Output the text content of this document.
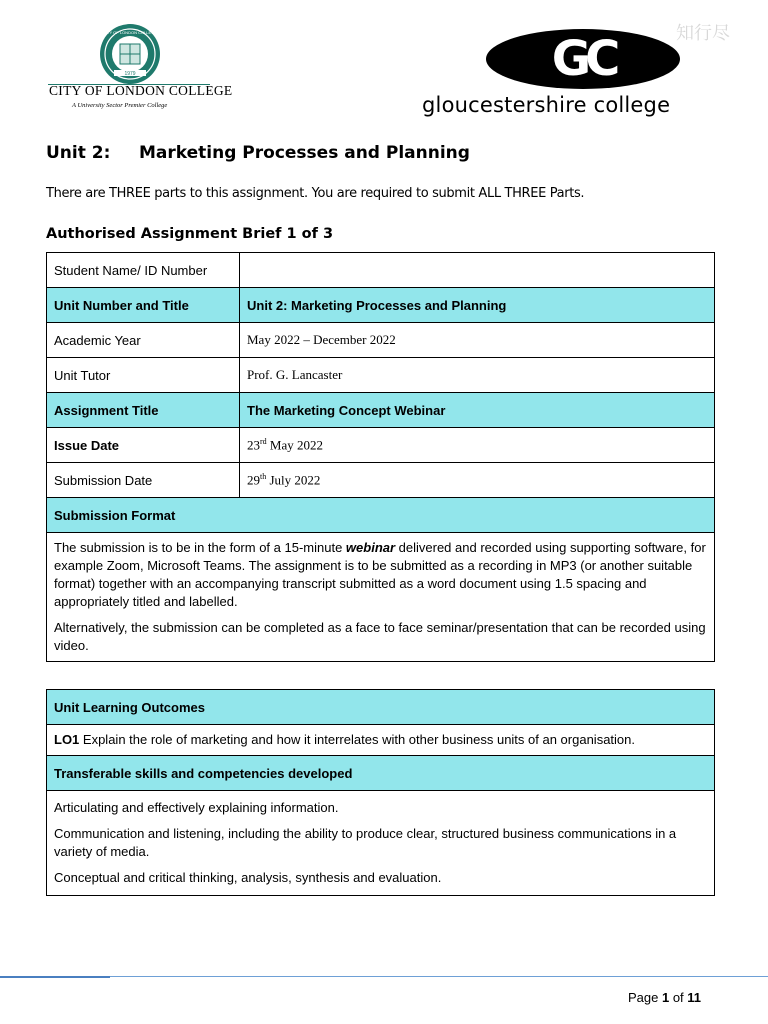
1979
CITY OF LONDON COLLEGE
CITY OF LONDON COLLEGE
A University Sector Premier College
GC
gloucestershire college
知行尽
Unit 2: Marketing Processes and Planning
There are THREE parts to this assignment. You are required to submit ALL THREE Parts.
Authorised Assignment Brief 1 of 3
Student Name/ ID Number	
Unit Number and Title	Unit 2: Marketing Processes and Planning
Academic Year	May 2022 – December 2022
Unit Tutor	Prof. G. Lancaster
Assignment Title	The Marketing Concept Webinar
Issue Date	23rd May 2022
Submission Date	29th July 2022
Submission Format	

The submission is to be in the form of a 15-minute webinar delivered and recorded using supporting software, for example Zoom, Microsoft Teams. The assignment is to be submitted as a recording in MP3 (or another suitable format) together with an accompanying transcript submitted as a word document using 1.5 spacing and appropriately titled and labelled.

Alternatively, the submission can be completed as a face to face seminar/presentation that can be recorded using video.	

Unit Learning Outcomes
LO1 Explain the role of marketing and how it interrelates with other business units of an organisation.
Transferable skills and competencies developed

Articulating and effectively explaining information.

Communication and listening, including the ability to produce clear, structured business communications in a variety of media.

Conceptual and critical thinking, analysis, synthesis and evaluation.

Page 1 of 11
